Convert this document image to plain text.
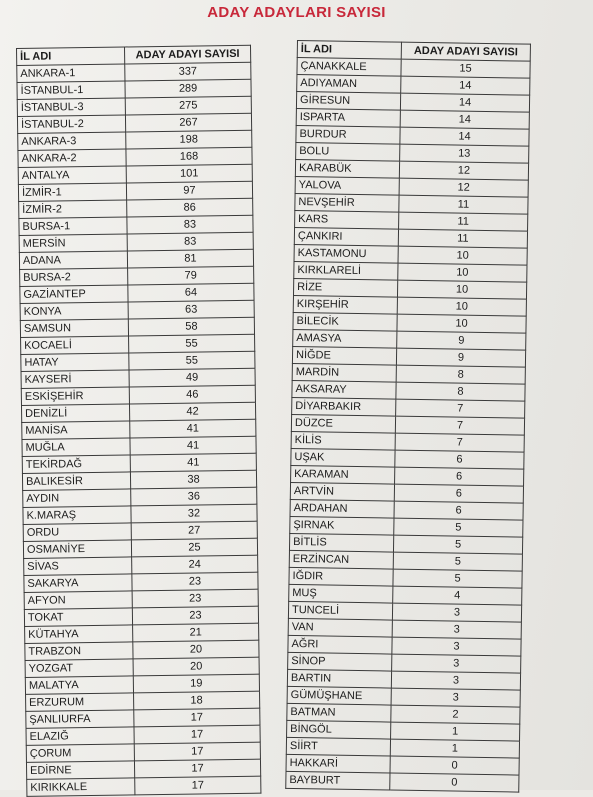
ADAY ADAYLARI SAYISI
İL ADI	ADAY ADAYI SAYISI
ANKARA-1	337
İSTANBUL-1	289
İSTANBUL-3	275
İSTANBUL-2	267
ANKARA-3	198
ANKARA-2	168
ANTALYA	101
İZMİR-1	97
İZMİR-2	86
BURSA-1	83
MERSİN	83
ADANA	81
BURSA-2	79
GAZİANTEP	64
KONYA	63
SAMSUN	58
KOCAELİ	55
HATAY	55
KAYSERİ	49
ESKİŞEHİR	46
DENİZLİ	42
MANİSA	41
MUĞLA	41
TEKİRDAĞ	41
BALIKESİR	38
AYDIN	36
K.MARAŞ	32
ORDU	27
OSMANİYE	25
SİVAS	24
SAKARYA	23
AFYON	23
TOKAT	23
KÜTAHYA	21
TRABZON	20
YOZGAT	20
MALATYA	19
ERZURUM	18
ŞANLIURFA	17
ELAZIĞ	17
ÇORUM	17
EDİRNE	17
KIRIKKALE	17
İL ADI	ADAY ADAYI SAYISI
ÇANAKKALE	15
ADIYAMAN	14
GİRESUN	14
ISPARTA	14
BURDUR	14
BOLU	13
KARABÜK	12
YALOVA	12
NEVŞEHİR	11
KARS	11
ÇANKIRI	11
KASTAMONU	10
KIRKLARELİ	10
RİZE	10
KIRŞEHİR	10
BİLECİK	10
AMASYA	9
NİĞDE	9
MARDİN	8
AKSARAY	8
DİYARBAKIR	7
DÜZCE	7
KİLİS	7
UŞAK	6
KARAMAN	6
ARTVİN	6
ARDAHAN	6
ŞIRNAK	5
BİTLİS	5
ERZİNCAN	5
IĞDIR	5
MUŞ	4
TUNCELİ	3
VAN	3
AĞRI	3
SİNOP	3
BARTIN	3
GÜMÜŞHANE	3
BATMAN	2
BİNGÖL	1
SİİRT	1
HAKKARİ	0
BAYBURT	0
